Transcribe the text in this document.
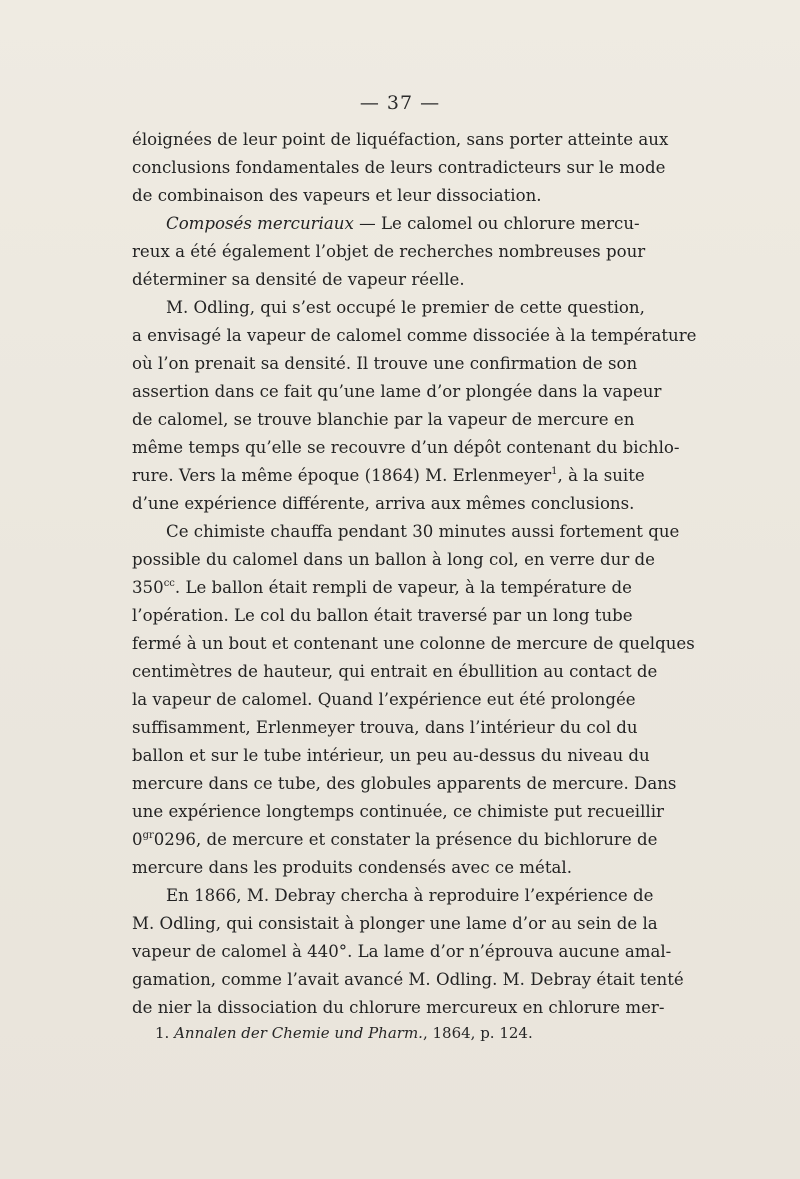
— 37 —
éloignées de leur point de liquéfaction, sans porter atteinte aux
conclusions fondamentales de leurs contradicteurs sur le mode
de combinaison des vapeurs et leur dissociation.
Composés mercuriaux — Le calomel ou chlorure mercu-
reux a été également l’objet de recherches nombreuses pour
déterminer sa densité de vapeur réelle.
M. Odling, qui s’est occupé le premier de cette question,
a envisagé la vapeur de calomel comme dissociée à la température
où l’on prenait sa densité. Il trouve une confirmation de son
assertion dans ce fait qu’une lame d’or plongée dans la vapeur
de calomel, se trouve blanchie par la vapeur de mercure en
même temps qu’elle se recouvre d’un dépôt contenant du bichlo-
rure. Vers la même époque (1864) M. Erlenmeyer$^1$, à la suite
d’une expérience différente, arriva aux mêmes conclusions.
Ce chimiste chauffa pendant 30 minutes aussi fortement que
possible du calomel dans un ballon à long col, en verre dur de
$350^{cc}$. Le ballon était rempli de vapeur, à la température de
l’opération. Le col du ballon était traversé par un long tube
fermé à un bout et contenant une colonne de mercure de quelques
centimètres de hauteur, qui entrait en ébullition au contact de
la vapeur de calomel. Quand l’expérience eut été prolongée
suffisamment, Erlenmeyer trouva, dans l’intérieur du col du
ballon et sur le tube intérieur, un peu au-dessus du niveau du
mercure dans ce tube, des globules apparents de mercure. Dans
une expérience longtemps continuée, ce chimiste put recueillir
$0^{gr}0296$, de mercure et constater la présence du bichlorure de
mercure dans les produits condensés avec ce métal.
En 1866, M. Debray chercha à reproduire l’expérience de
M. Odling, qui consistait à plonger une lame d’or au sein de la
vapeur de calomel à 440°. La lame d’or n’éprouva aucune amal-
gamation, comme l’avait avancé M. Odling. M. Debray était tenté
de nier la dissociation du chlorure mercureux en chlorure mer-
1. Annalen der Chemie und Pharm., 1864, p. 124.
